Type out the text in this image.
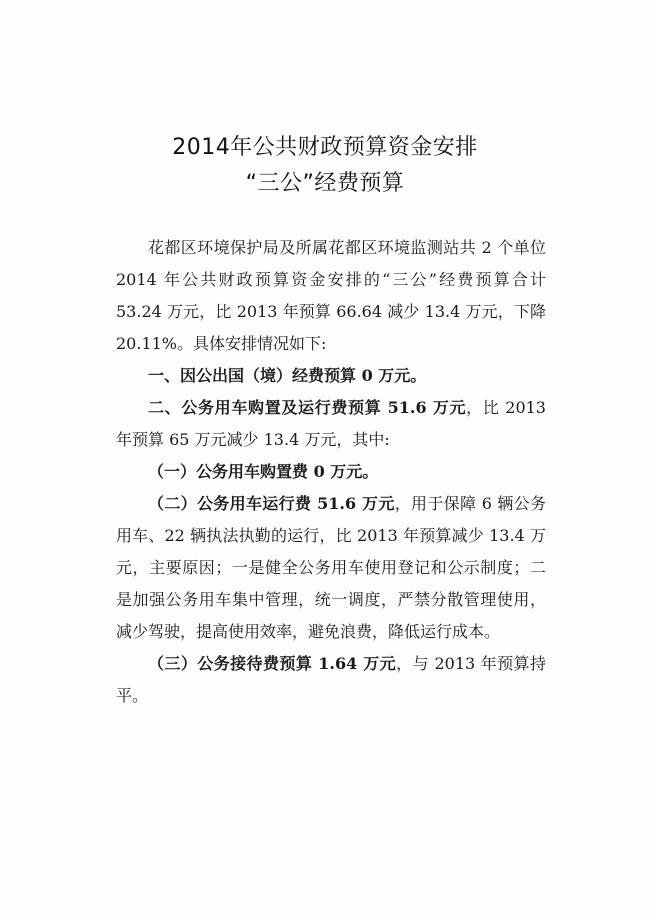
2014年公共财政预算资金安排
“三公”经费预算

花都区环境保护局及所属花都区环境监测站共 2 个单位 2014 年公共财政预算资金安排的“三公”经费预算合计 53.24 万元，比 2013 年预算 66.64 减少 13.4 万元，下降 20.11%。具体安排情况如下:

一、因公出国（境）经费预算 0 万元。

二、公务用车购置及运行费预算 51.6 万元，比 2013 年预算 65 万元减少 13.4 万元，其中:

（一）公务用车购置费 0 万元。

（二）公务用车运行费 51.6 万元，用于保障 6 辆公务用车、22 辆执法执勤的运行，比 2013 年预算减少 13.4 万元，主要原因；一是健全公务用车使用登记和公示制度；二是加强公务用车集中管理，统一调度，严禁分散管理使用，减少驾驶，提高使用效率，避免浪费，降低运行成本。

（三）公务接待费预算 1.64 万元，与 2013 年预算持平。
